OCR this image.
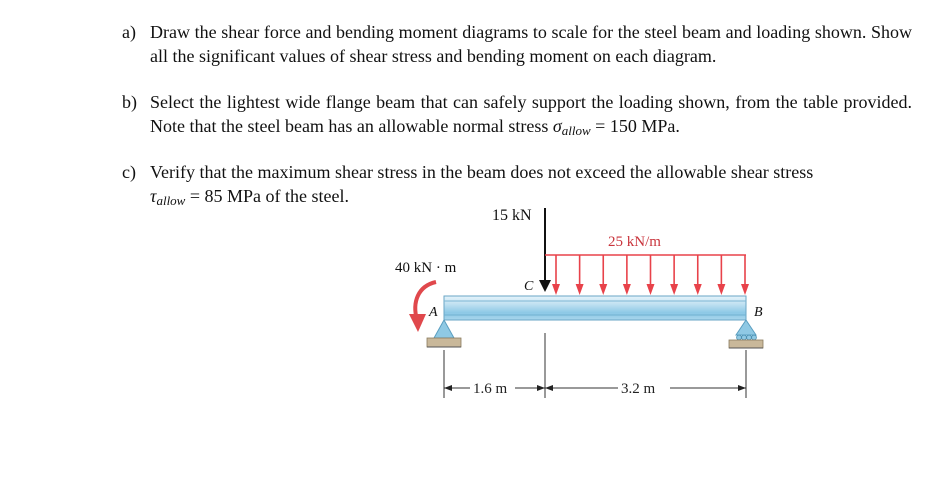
a) Draw the shear force and bending moment diagrams to scale for the steel beam and loading shown. Show all the significant values of shear stress and bending moment on each diagram.
b) Select the lightest wide flange beam that can safely support the loading shown, from the table provided. Note that the steel beam has an allowable normal stress σallow = 150 MPa.
c) Verify that the maximum shear stress in the beam does not exceed the allowable shear stress
τallow = 85 MPa of the steel.
15 kN
25 kN/m
C
40 kN · m
A	B
1.6 m	3.2 m
